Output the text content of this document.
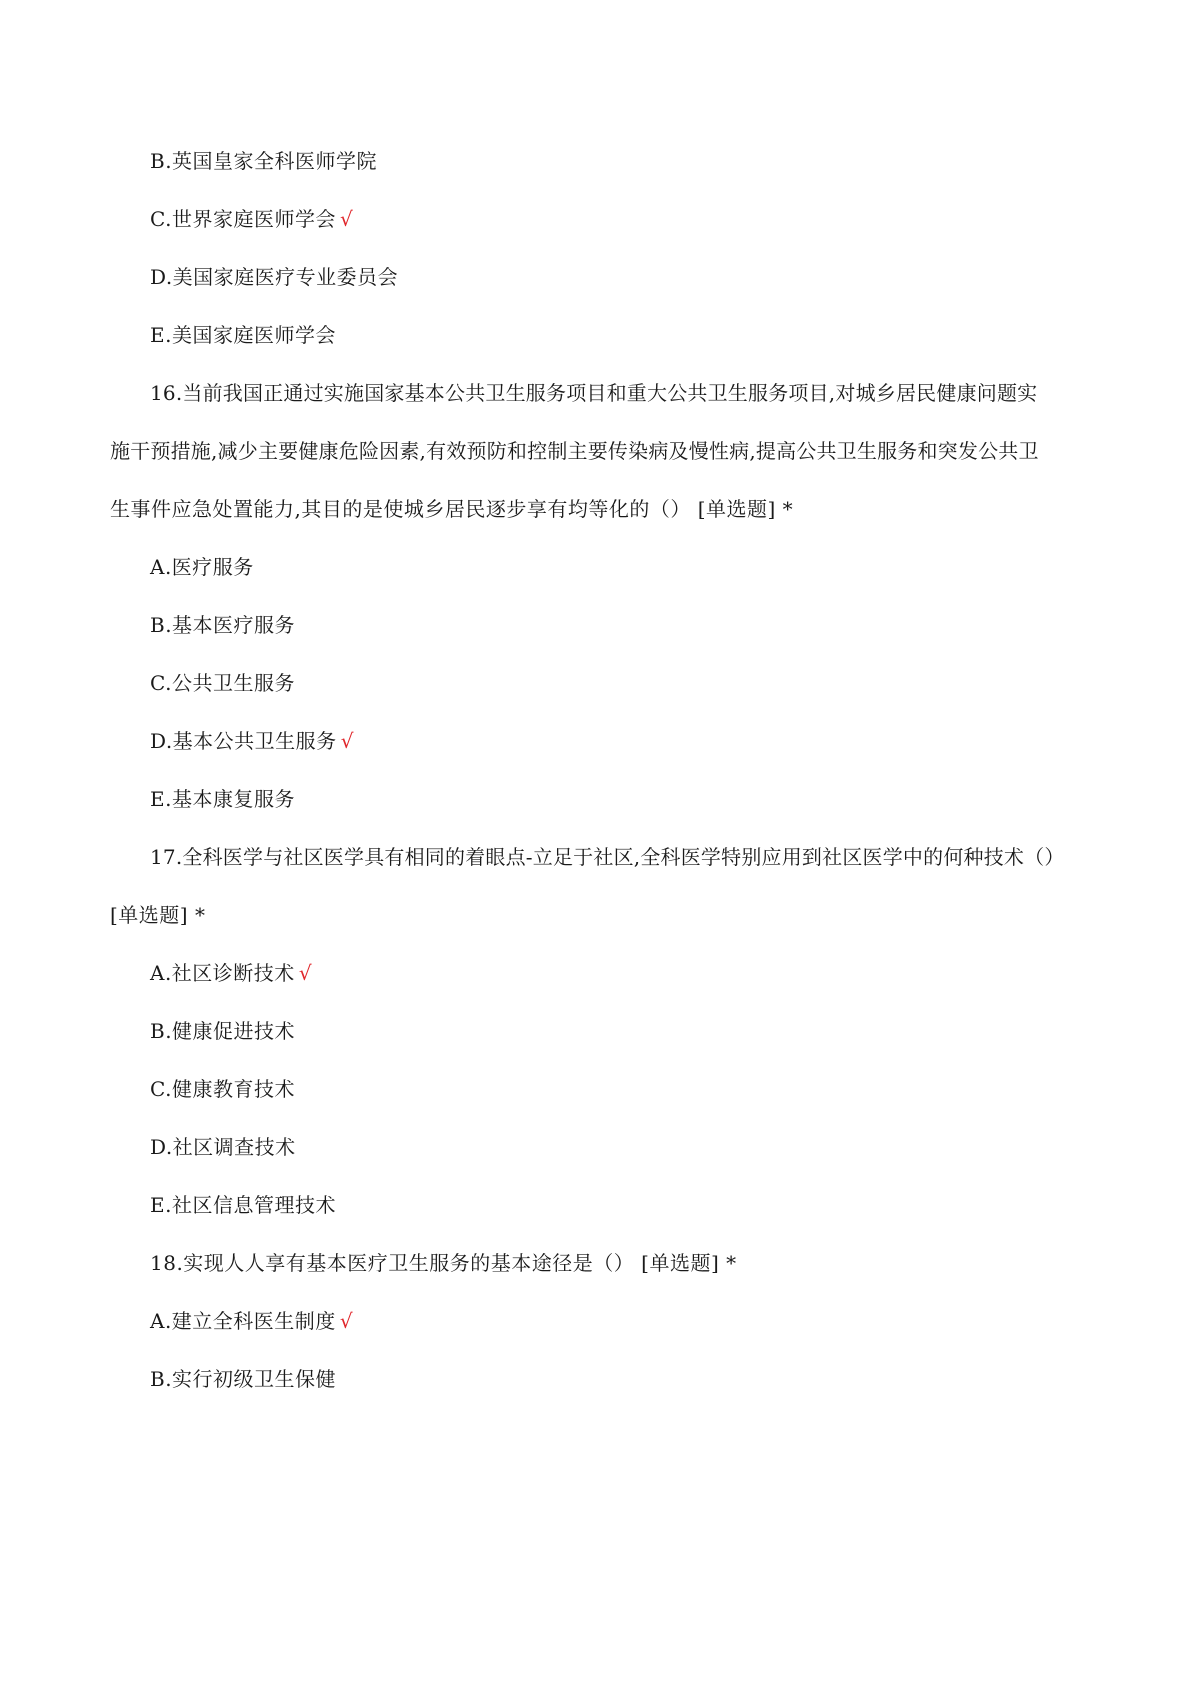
B.英国皇家全科医师学院
C.世界家庭医师学会 √
D.美国家庭医疗专业委员会
E.美国家庭医师学会
16.当前我国正通过实施国家基本公共卫生服务项目和重大公共卫生服务项目,对城乡居民健康问题实
施干预措施,减少主要健康危险因素,有效预防和控制主要传染病及慢性病,提高公共卫生服务和突发公共卫
生事件应急处置能力,其目的是使城乡居民逐步享有均等化的（） [单选题] *
A.医疗服务
B.基本医疗服务
C.公共卫生服务
D.基本公共卫生服务 √
E.基本康复服务
17.全科医学与社区医学具有相同的着眼点-立足于社区,全科医学特别应用到社区医学中的何种技术（）
[单选题] *
A.社区诊断技术 √
B.健康促进技术
C.健康教育技术
D.社区调查技术
E.社区信息管理技术
18.实现人人享有基本医疗卫生服务的基本途径是（） [单选题] *
A.建立全科医生制度 √
B.实行初级卫生保健
